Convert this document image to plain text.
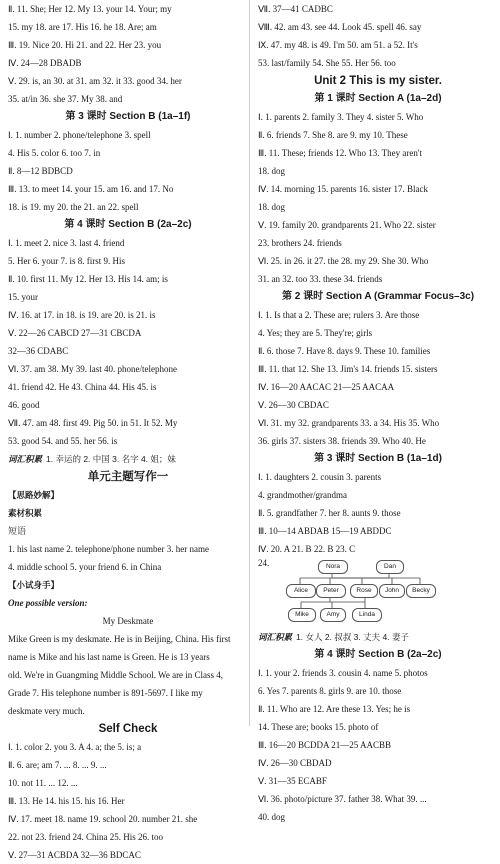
Ⅱ. 11. She; Her 12. My 13. your 14. Your; my
15. my 18. are 17. His 16. he 18. Are; am
Ⅲ. 19. Nice 20. Hi 21. and 22. Her 23. you
Ⅳ. 24—28 DBADB
Ⅴ. 29. is, an 30. at 31. am 32. it 33. good 34. her
35. at/in 36. she 37. My 38. and
第 3 课时 Section B (1a–1f)
Ⅰ. 1. number 2. phone/telephone 3. spell
4. His 5. color 6. too 7. in
Ⅱ. 8—12 BDBCD
Ⅲ. 13. to meet 14. your 15. am 16. and 17. No
18. is 19. my 20. the 21. an 22. spell
第 4 课时 Section B (2a–2c)
Ⅰ. 1. meet 2. nice 3. last 4. friend
5. Her 6. your 7. is 8. first 9. His
Ⅱ. 10. first 11. My 12. Her 13. His 14. am; is
15. your
Ⅳ. 16. at 17. in 18. is 19. are 20. is 21. is
Ⅴ. 22—26 CABCD 27—31 CBCDA
32—36 CDABC
Ⅵ. 37. am 38. My 39. last 40. phone/telephone
41. friend 42. He 43. China 44. His 45. is
46. good
Ⅶ. 47. am 48. first 49. Pig 50. in 51. It 52. My
53. good 54. and 55. her 56. is
词汇积累 1. 幸运的 2. 中国 3. 名字 4. 姐；妹
单元主题写作一
【思路妙解】
素材积累
短语
1. his last name 2. telephone/phone number 3. her name
4. middle school 5. your friend 6. in China
【小试身手】
One possible version:
My Deskmate
Mike Green is my deskmate. He is in Beijing, China. His first
name is Mike and his last name is Green. He is 13 years
old. We're in Guangming Middle School. We are in Class 4,
Grade 7. His telephone number is 891-5697. I like my
deskmate very much.
Self Check
Ⅰ. 1. color 2. you 3. A 4. a; the 5. is; a
Ⅱ. 6. are; am 7. ... 8. ... 9. ...
10. not 11. ... 12. ...
Ⅲ. 13. He 14. his 15. his 16. Her
Ⅳ. 17. meet 18. name 19. school 20. number 21. she
22. not 23. friend 24. China 25. His 26. too
Ⅴ. 27—31 ACBDA 32—36 BDCAC
Ⅶ. 37—41 CADBC
Ⅷ. 42. am 43. see 44. Look 45. spell 46. say
Ⅸ. 47. my 48. is 49. I'm 50. am 51. a 52. It's
53. last/family 54. She 55. Her 56. too
Unit 2 This is my sister.
第 1 课时 Section A (1a–2d)
Ⅰ. 1. parents 2. family 3. They 4. sister 5. Who
Ⅱ. 6. friends 7. She 8. are 9. my 10. These
Ⅲ. 11. These; friends 12. Who 13. They aren't
18. dog
Ⅳ. 14. morning 15. parents 16. sister 17. Black
18. dog
Ⅴ. 19. family 20. grandparents 21. Who 22. sister
23. brothers 24. friends
Ⅵ. 25. in 26. it 27. the 28. my 29. She 30. Who
31. an 32. too 33. these 34. friends
第 2 课时 Section A (Grammar Focus–3c)
Ⅰ. 1. Is that a 2. These are; rulers 3. Are those
4. Yes; they are 5. They're; girls
Ⅱ. 6. those 7. Have 8. days 9. These 10. families
Ⅲ. 11. that 12. She 13. Jim's 14. friends 15. sisters
Ⅳ. 16—20 AACAC 21—25 AACAA
Ⅴ. 26—30 CBDAC
Ⅵ. 31. my 32. grandparents 33. a 34. His 35. Who
36. girls 37. sisters 38. friends 39. Who 40. He
第 3 课时 Section B (1a–1d)
Ⅰ. 1. daughters 2. cousin 3. parents
4. grandmother/grandma
Ⅱ. 5. grandfather 7. her 8. aunts 9. those
Ⅲ. 10—14 ABDAB 15—19 ABDDC
Ⅳ. 20. A 21. B 22. B 23. C
24.	Nora	Dan
Alice	Peter	Rose	John	Becky
Mike	Amy	Linda
词汇积累 1. 女人 2. 叔叔 3. 丈夫 4. 妻子
第 4 课时 Section B (2a–2c)
Ⅰ. 1. your 2. friends 3. cousin 4. name 5. photos
6. Yes 7. parents 8. girls 9. are 10. those
Ⅱ. 11. Who are 12. Are these 13. Yes; he is
14. These are; books 15. photo of
Ⅲ. 16—20 BCDDA 21—25 AACBB
Ⅳ. 26—30 CBDAD
Ⅴ. 31—35 ECABF
Ⅵ. 36. photo/picture 37. father 38. What 39. ...
40. dog
